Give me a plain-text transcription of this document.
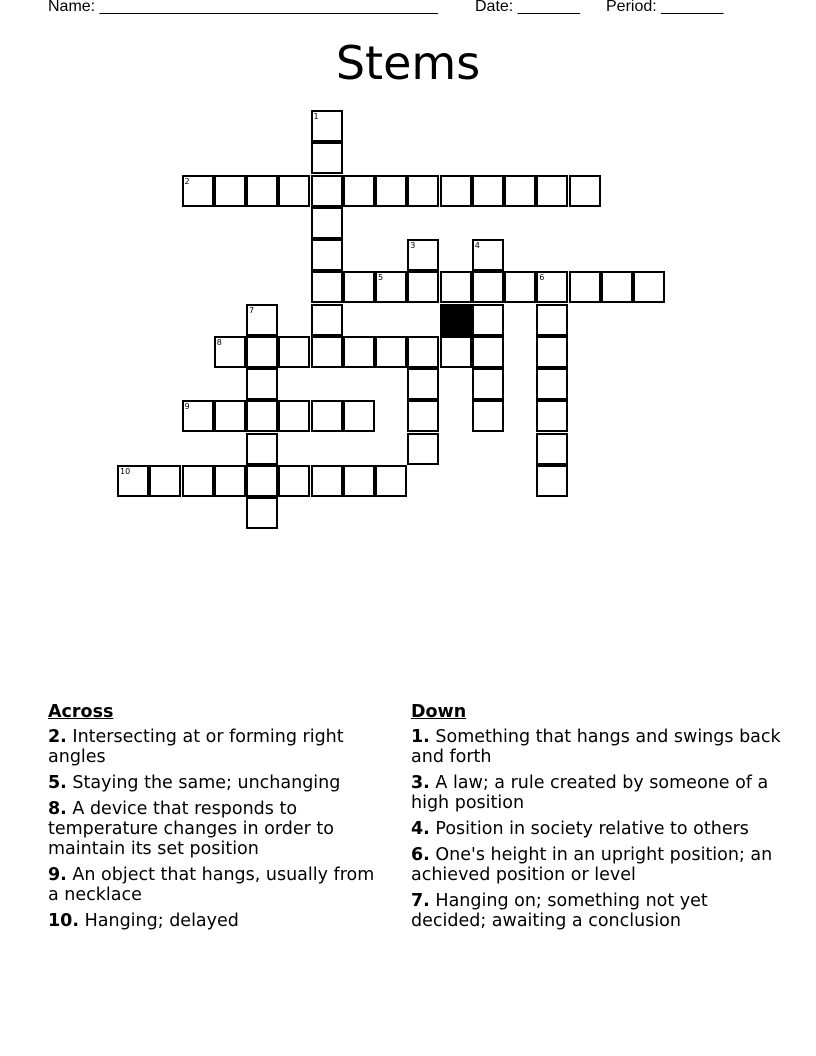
Name: ______________________________________ Date: _______ Period: _______
Stems
1
2
3	4
5	6
7
8
9
10
Across
2. Intersecting at or forming right angles
5. Staying the same; unchanging
8. A device that responds to temperature changes in order to maintain its set position
9. An object that hangs, usually from a necklace
10. Hanging; delayed
Down
1. Something that hangs and swings back and forth
3. A law; a rule created by someone of a high position
4. Position in society relative to others
6. One's height in an upright position; an achieved position or level
7. Hanging on; something not yet decided; awaiting a conclusion
